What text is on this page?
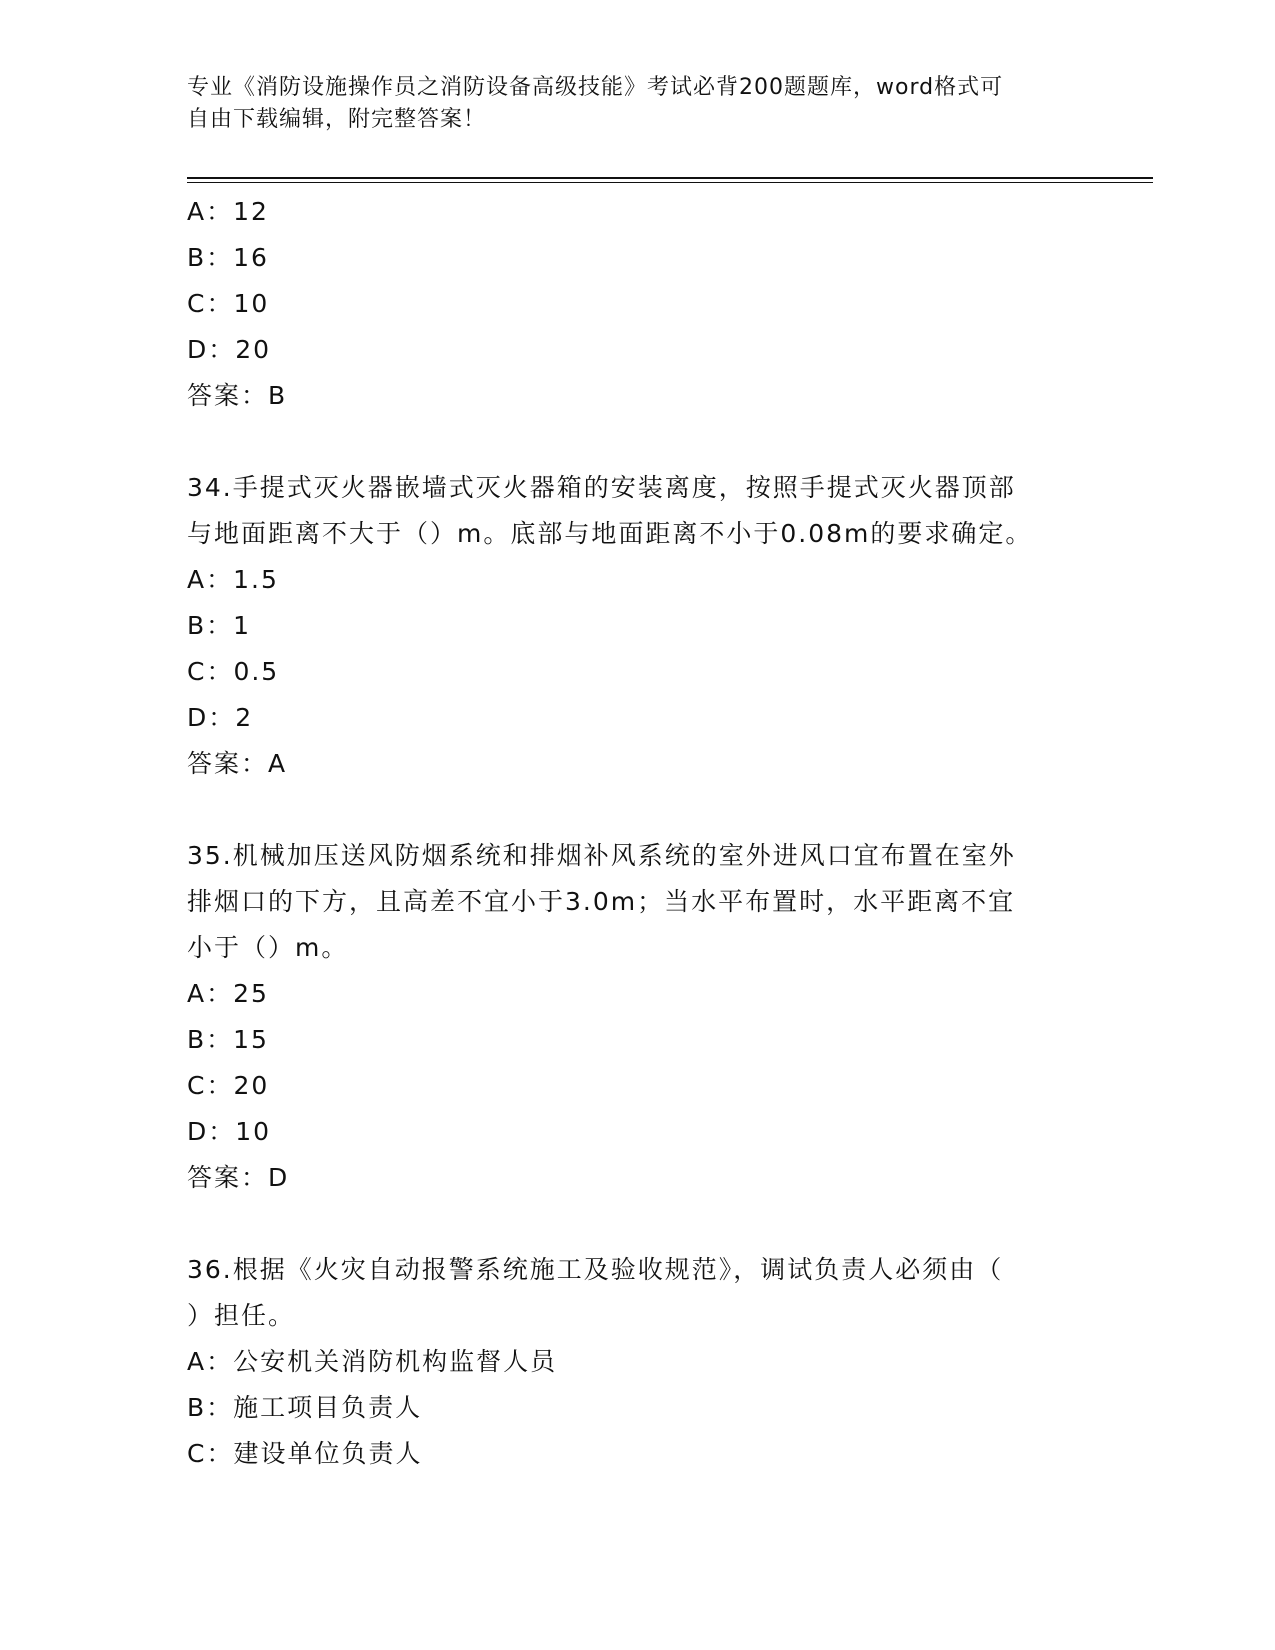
专业《消防设施操作员之消防设备高级技能》考试必背200题题库，word格式可
自由下载编辑，附完整答案！
A：12
B：16
C：10
D：20
答案：B
34.手提式灭火器嵌墙式灭火器箱的安装离度，按照手提式灭火器顶部
与地面距离不大于（）m。底部与地面距离不小于0.08m的要求确定。
A：1.5
B：1
C：0.5
D：2
答案：A
35.机械加压送风防烟系统和排烟补风系统的室外进风口宜布置在室外
排烟口的下方，且高差不宜小于3.0m；当水平布置时，水平距离不宜
小于（）m。
A：25
B：15
C：20
D：10
答案：D
36.根据《火灾自动报警系统施工及验收规范》，调试负责人必须由（
）担任。
A：公安机关消防机构监督人员
B：施工项目负责人
C：建设单位负责人
